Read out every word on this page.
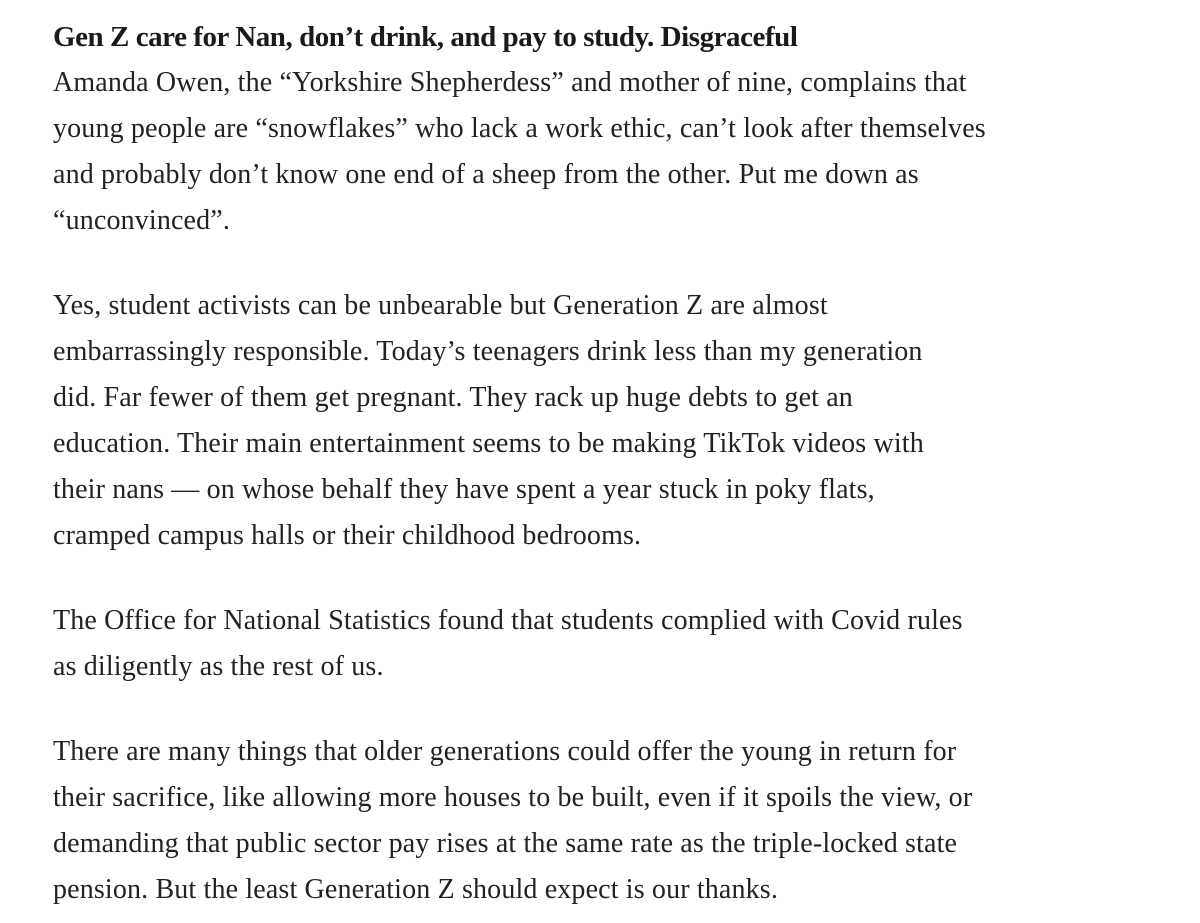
Gen Z care for Nan, don’t drink, and pay to study. Disgraceful

Amanda Owen, the “Yorkshire Shepherdess” and mother of nine, complains that
young people are “snowflakes” who lack a work ethic, can’t look after themselves
and probably don’t know one end of a sheep from the other. Put me down as
“unconvinced”.

Yes, student activists can be unbearable but Generation Z are almost
embarrassingly responsible. Today’s teenagers drink less than my generation
did. Far fewer of them get pregnant. They rack up huge debts to get an
education. Their main entertainment seems to be making TikTok videos with
their nans — on whose behalf they have spent a year stuck in poky flats,
cramped campus halls or their childhood bedrooms.

The Office for National Statistics found that students complied with Covid rules
as diligently as the rest of us.

There are many things that older generations could offer the young in return for
their sacrifice, like allowing more houses to be built, even if it spoils the view, or
demanding that public sector pay rises at the same rate as the triple-locked state
pension. But the least Generation Z should expect is our thanks.
